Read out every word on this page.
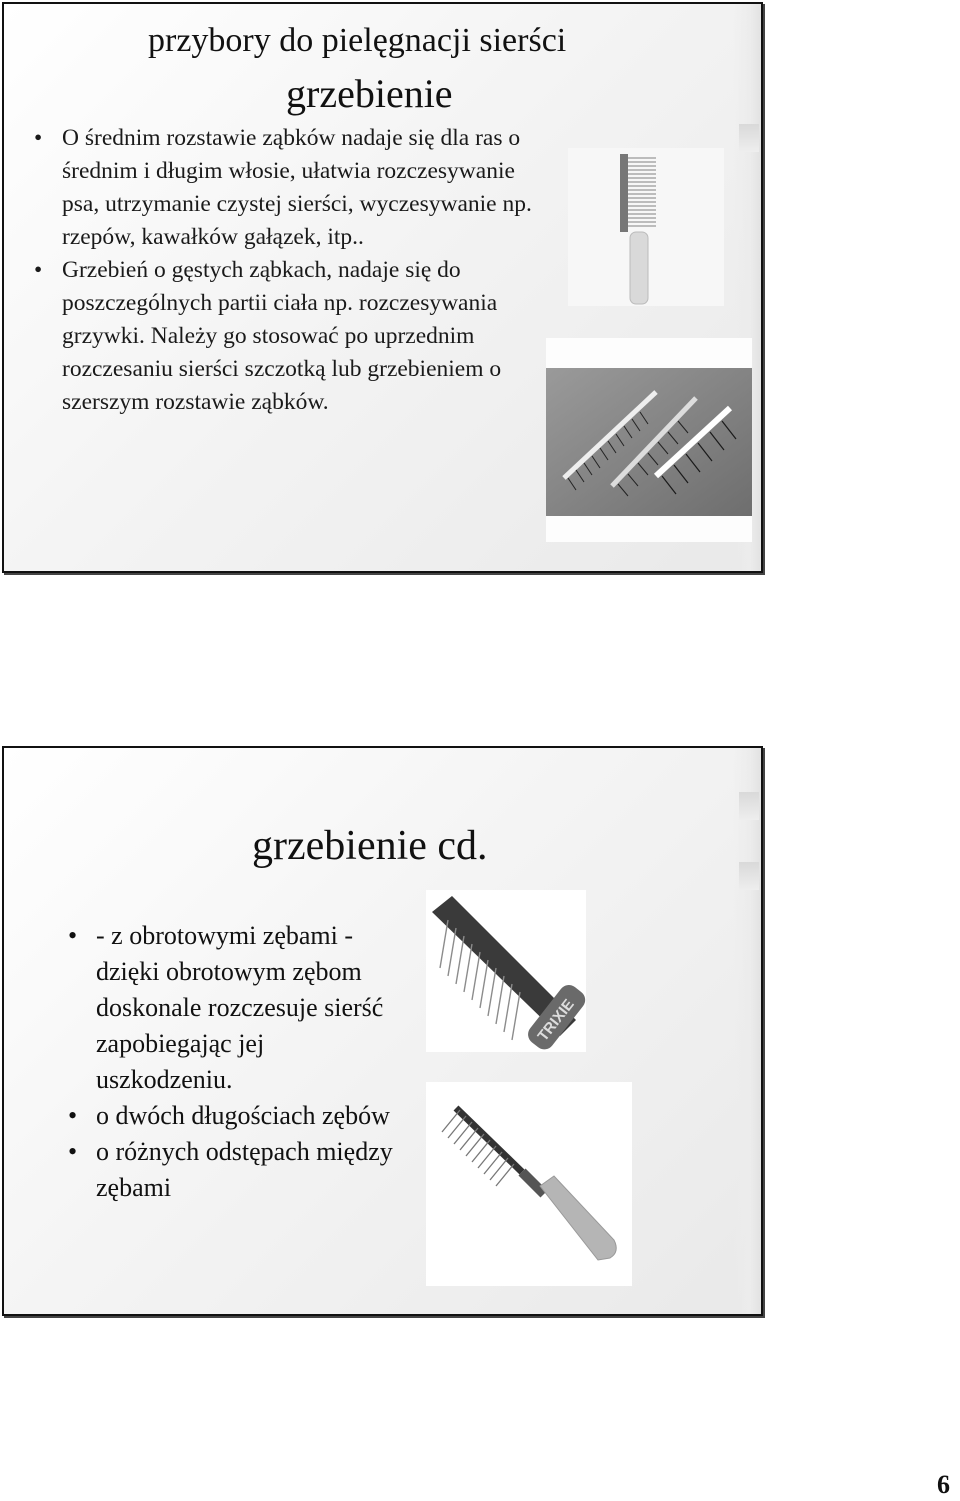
przybory do pielęgnacji sierści
grzebienie
• O średnim rozstawie ząbków nadaje się dla ras o średnim i długim włosie, ułatwia rozczesywanie psa, utrzymanie czystej sierści, wyczesywanie np. rzepów, kawałków gałązek, itp..
• Grzebień o gęstych ząbkach, nadaje się do poszczególnych partii ciała np. rozczesywania grzywki. Należy go stosować po uprzednim rozczesaniu sierści szczotką lub grzebieniem o szerszym rozstawie ząbków.
grzebienie cd.
• - z obrotowymi zębami - dzięki obrotowym zębom doskonale rozczesuje sierść zapobiegając jej uszkodzeniu.
• o dwóch długościach zębów
• o różnych odstępach między zębami
TRIXIE
6
